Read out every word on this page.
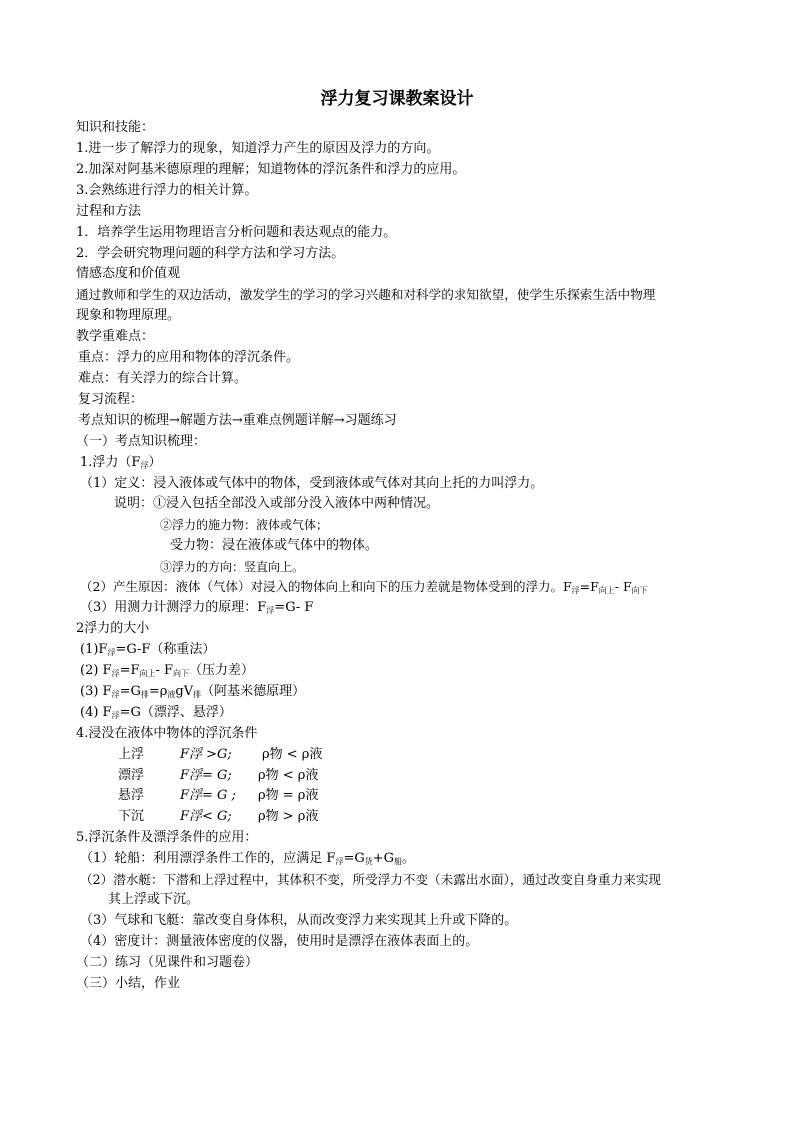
浮力复习课教案设计
知识和技能：
1.进一步了解浮力的现象，知道浮力产生的原因及浮力的方向。
2.加深对阿基米德原理的理解；知道物体的浮沉条件和浮力的应用。
3.会熟练进行浮力的相关计算。
过程和方法
1．培养学生运用物理语言分析问题和表达观点的能力。
2．学会研究物理问题的科学方法和学习方法。
情感态度和价值观
通过教师和学生的双边活动，激发学生的学习的学习兴趣和对科学的求知欲望，使学生乐探索生活中物理
现象和物理原理。
教学重难点：
重点：浮力的应用和物体的浮沉条件。
难点：有关浮力的综合计算。
复习流程：
考点知识的梳理→解题方法→重难点例题详解→习题练习
（一）考点知识梳理：
1.浮力$(F_浮)$
（1）定义：浸入液体或气体中的物体，受到液体或气体对其向上托的力叫浮力。
说明：①浸入包括全部没入或部分没入液体中两种情况。
②浮力的施力物：液体或气体；
受力物：浸在液体或气体中的物体。
③浮力的方向：竖直向上。
（2）产生原因：液体（气体）对浸入的物体向上和向下的压力差就是物体受到的浮力。$F_浮=F_{向上}-$ $F_{向下}$
（3）用测力计测浮力的原理：$F_浮=G-$ F
2浮力的大小
$(1)F_浮=G-F$（称重法）
(2) $F_浮=F_{向上}-$ $F_{向下}$（压力差）
(3) $F_浮=G_排=\rho_液gV_排$（阿基米德原理）
(4) $F_浮=G$（漂浮、悬浮）
4.浸没在液体中物体的浮沉条件
上浮	F浮 >G; ρ物 < ρ液
漂浮	F浮= G; ρ物 < ρ液
悬浮	F浮= G ; ρ物 = ρ液
下沉	F浮< G; ρ物 > ρ液
5.浮沉条件及漂浮条件的应用：
（1）轮船：利用漂浮条件工作的，应满足 $F_浮=G_货+G_船$。
（2）潜水艇：下潜和上浮过程中，其体积不变，所受浮力不变（未露出水面），通过改变自身重力来实现
其上浮或下沉。
（3）气球和飞艇：靠改变自身体积，从而改变浮力来实现其上升或下降的。
（4）密度计：测量液体密度的仪器，使用时是漂浮在液体表面上的。
（二）练习（见课件和习题卷）
（三）小结，作业
